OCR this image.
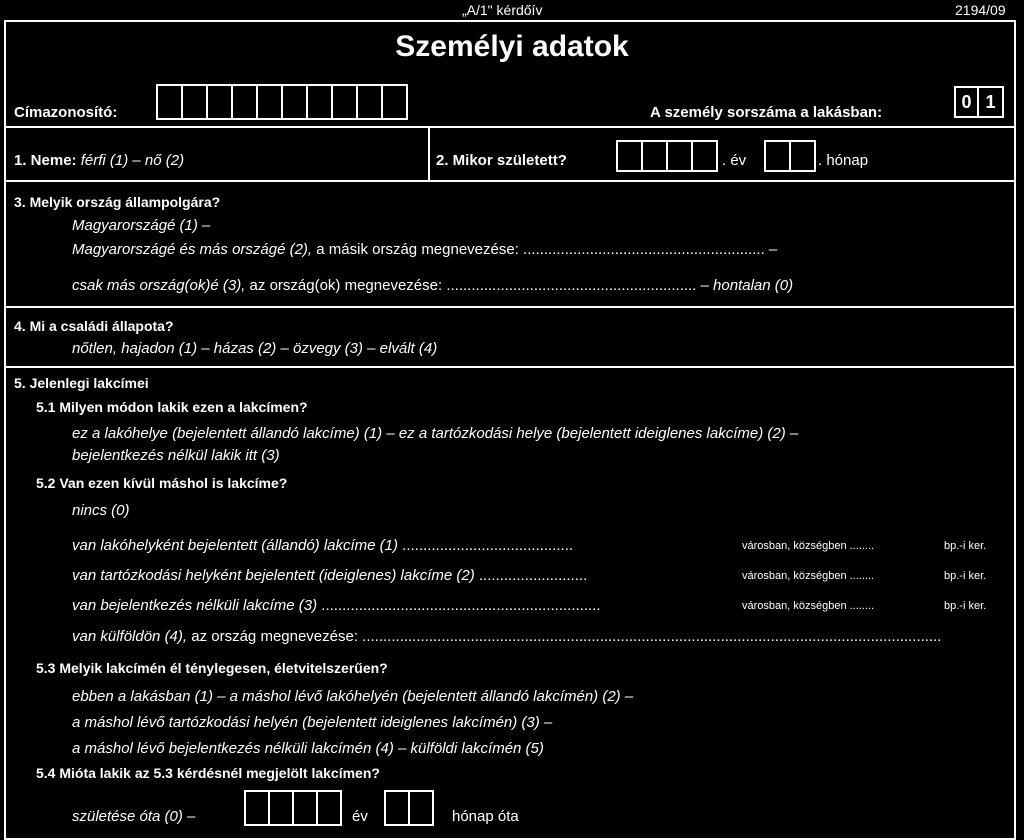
„A/1" kérdőív	2194/09
Személyi adatok
Címazonosító:	A személy sorszáma a lakásban:
0 1
1. Neme: férfi (1) – nő (2)	2. Mikor született?	. év	. hónap
3. Melyik ország állampolgára?
Magyarországé (1) –
Magyarországé és más országé (2), a másik ország megnevezése: .......................................................... –
csak más ország(ok)é (3), az ország(ok) megnevezése: ............................................................ – hontalan (0)
4. Mi a családi állapota?
nőtlen, hajadon (1) – házas (2) – özvegy (3) – elvált (4)
5. Jelenlegi lakcímei
5.1 Milyen módon lakik ezen a lakcímen?
ez a lakóhelye (bejelentett állandó lakcíme) (1) – ez a tartózkodási helye (bejelentett ideiglenes lakcíme) (2) –
bejelentkezés nélkül lakik itt (3)
5.2 Van ezen kívül máshol is lakcíme?
nincs (0)
van lakóhelyként bejelentett (állandó) lakcíme (1) .........................................	városban, községben ........	bp.-i ker.
van tartózkodási helyként bejelentett (ideiglenes) lakcíme (2) ..........................	városban, községben ........	bp.-i ker.
van bejelentkezés nélküli lakcíme (3) ...................................................................	városban, községben ........	bp.-i ker.
van külföldön (4), az ország megnevezése: ...........................................................................................................................................
5.3 Melyik lakcímén él ténylegesen, életvitelszerűen?
ebben a lakásban (1) – a máshol lévő lakóhelyén (bejelentett állandó lakcímén) (2) –
a máshol lévő tartózkodási helyén (bejelentett ideiglenes lakcímén) (3) –
a máshol lévő bejelentkezés nélküli lakcímén (4) – külföldi lakcímén (5)
5.4 Mióta lakik az 5.3 kérdésnél megjelölt lakcímen?
születése óta (0) –	év	hónap óta
